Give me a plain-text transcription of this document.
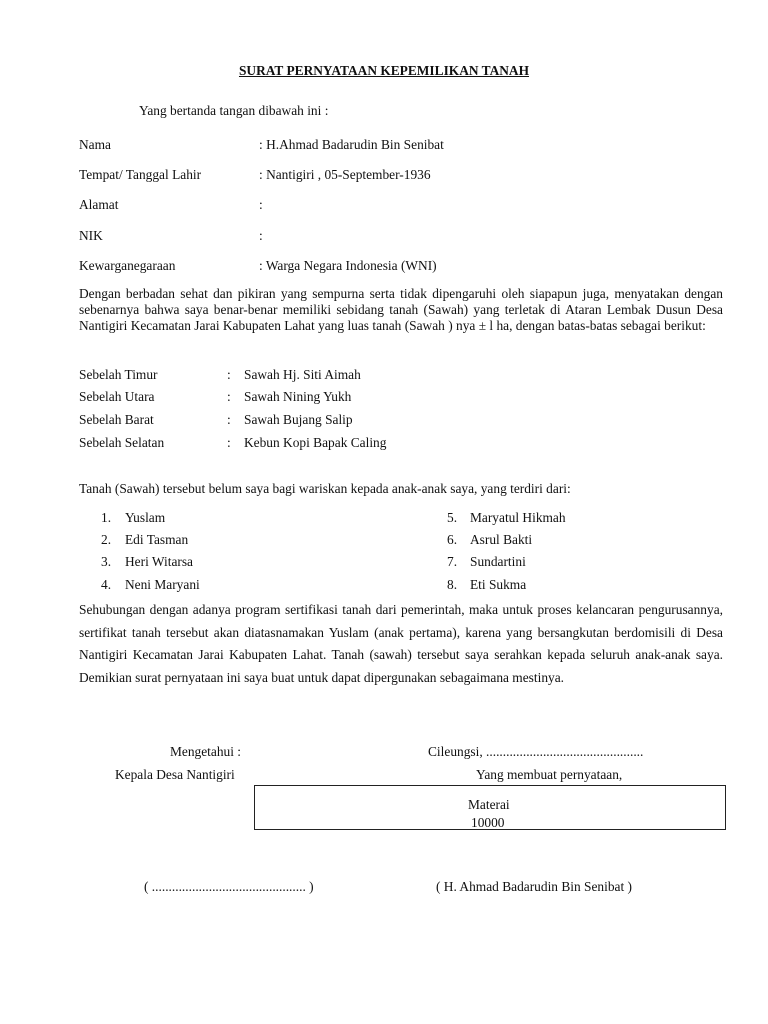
SURAT PERNYATAAN KEPEMILIKAN TANAH
Yang bertanda tangan dibawah ini :
Nama	: H.Ahmad Badarudin Bin Senibat
Tempat/ Tanggal Lahir	: Nantigiri , 05-September-1936
Alamat	:
NIK	:
Kewarganegaraan	: Warga Negara Indonesia (WNI)
Dengan berbadan sehat dan pikiran yang sempurna serta tidak dipengaruhi oleh siapapun juga, menyatakan dengan sebenarnya bahwa saya benar-benar memiliki sebidang tanah (Sawah) yang terletak di Ataran Lembak Dusun Desa Nantigiri Kecamatan Jarai Kabupaten Lahat yang luas tanah (Sawah ) nya ± l ha, dengan batas-batas sebagai berikut:
Sebelah Timur	: Sawah Hj. Siti Aimah
Sebelah Utara	: Sawah Nining Yukh
Sebelah Barat	: Sawah Bujang Salip
Sebelah Selatan	: Kebun Kopi Bapak Caling
Tanah (Sawah) tersebut belum saya bagi wariskan kepada anak-anak saya, yang terdiri dari:
1. Yuslam
2. Edi Tasman
3. Heri Witarsa
4. Neni Maryani
5. Maryatul Hikmah
6. Asrul Bakti
7. Sundartini
8. Eti Sukma
Sehubungan dengan adanya program sertifikasi tanah dari pemerintah, maka untuk proses kelancaran pengurusannya, sertifikat tanah tersebut akan diatasnamakan Yuslam (anak pertama), karena yang bersangkutan berdomisili di Desa Nantigiri Kecamatan Jarai Kabupaten Lahat. Tanah (sawah) tersebut saya serahkan kepada seluruh anak-anak saya. Demikian surat pernyataan ini saya buat untuk dapat dipergunakan sebagaimana mestinya.
Mengetahui :
Kepala Desa Nantigiri
Cileungsi, ...............................................
Yang membuat pernyataan,
Materai
10000
( .............................................. )	( H. Ahmad Badarudin Bin Senibat )
